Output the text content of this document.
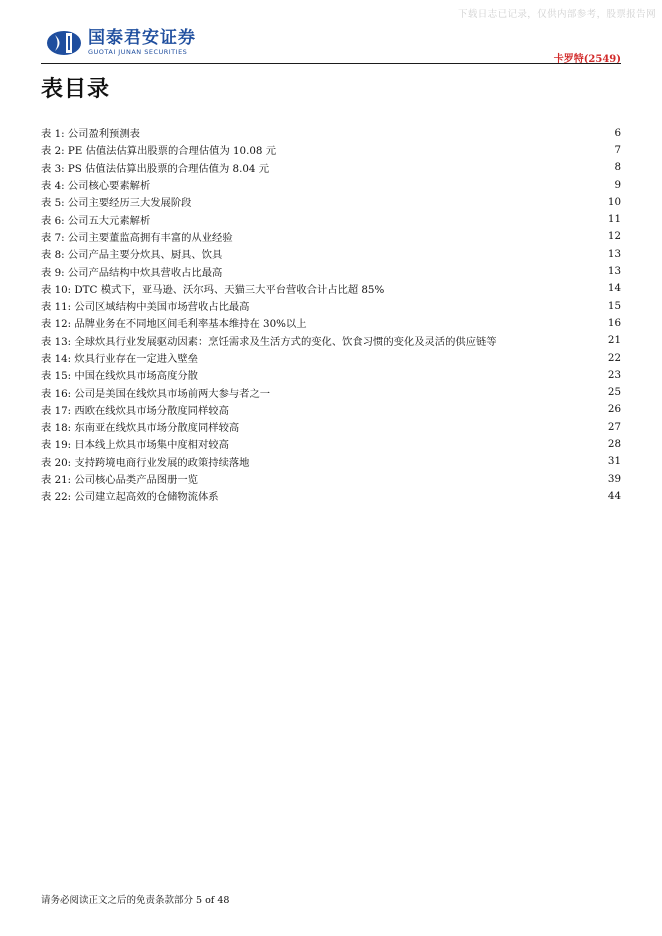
下载日志已记录，仅供内部参考，股票报告网
国泰君安证券
GUOTAI JUNAN SECURITIES
卡罗特(2549)
表目录
表 1: 公司盈利预测表	6
表 2: PE 估值法估算出股票的合理估值为 10.08 元	7
表 3: PS 估值法估算出股票的合理估值为 8.04 元	8
表 4: 公司核心要素解析	9
表 5: 公司主要经历三大发展阶段	10
表 6: 公司五大元素解析	11
表 7: 公司主要董监高拥有丰富的从业经验	12
表 8: 公司产品主要分炊具、厨具、饮具	13
表 9: 公司产品结构中炊具营收占比最高	13
表 10: DTC 模式下，亚马逊、沃尔玛、天猫三大平台营收合计占比超 85%	14
表 11: 公司区域结构中美国市场营收占比最高	15
表 12: 品牌业务在不同地区间毛利率基本维持在 30%以上	16
表 13: 全球炊具行业发展驱动因素：烹饪需求及生活方式的变化、饮食习惯的变化及灵活的供应链等	21
表 14: 炊具行业存在一定进入壁垒	22
表 15: 中国在线炊具市场高度分散	23
表 16: 公司是美国在线炊具市场前两大参与者之一	25
表 17: 西欧在线炊具市场分散度同样较高	26
表 18: 东南亚在线炊具市场分散度同样较高	27
表 19: 日本线上炊具市场集中度相对较高	28
表 20: 支持跨境电商行业发展的政策持续落地	31
表 21: 公司核心品类产品图册一览	39
表 22: 公司建立起高效的仓储物流体系	44
请务必阅读正文之后的免责条款部分 5 of 48
